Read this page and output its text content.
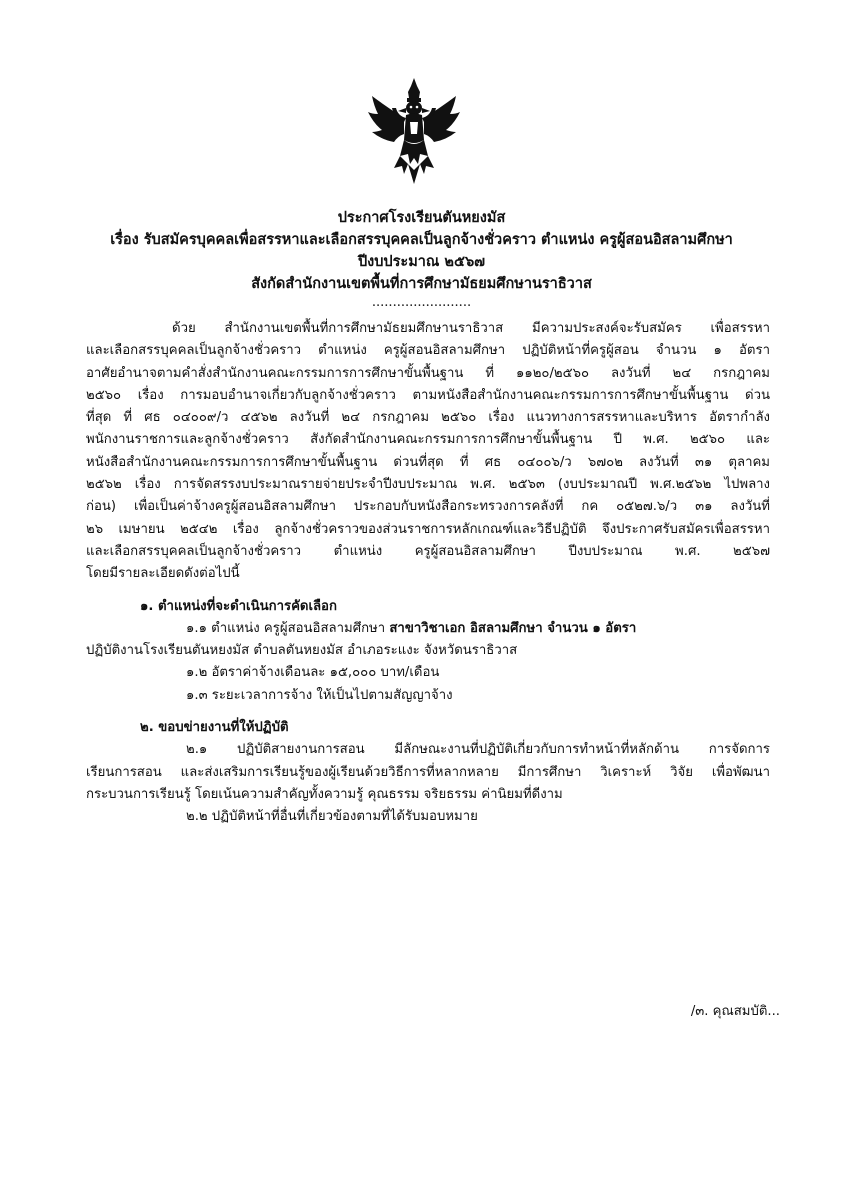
ประกาศโรงเรียนตันหยงมัส
เรื่อง รับสมัครบุคคลเพื่อสรรหาและเลือกสรรบุคคลเป็นลูกจ้างชั่วคราว ตำแหน่ง ครูผู้สอนอิสลามศึกษา
ปีงบประมาณ ๒๕๖๗
สังกัดสำนักงานเขตพื้นที่การศึกษามัธยมศึกษานราธิวาส
........................
ด้วย สำนักงานเขตพื้นที่การศึกษามัธยมศึกษานราธิวาส มีความประสงค์จะรับสมัคร เพื่อสรรหา
และเลือกสรรบุคคลเป็นลูกจ้างชั่วคราว ตำแหน่ง ครูผู้สอนอิสลามศึกษา ปฏิบัติหน้าที่ครูผู้สอน จำนวน ๑ อัตรา
อาศัยอำนาจตามคำสั่งสำนักงานคณะกรรมการการศึกษาขั้นพื้นฐาน ที่ ๑๑๒๐/๒๕๖๐ ลงวันที่ ๒๔ กรกฎาคม
๒๕๖๐ เรื่อง การมอบอำนาจเกี่ยวกับลูกจ้างชั่วคราว ตามหนังสือสำนักงานคณะกรรมการการศึกษาขั้นพื้นฐาน ด่วน
ที่สุด ที่ ศธ ๐๔๐๐๙/ว ๔๕๖๒ ลงวันที่ ๒๔ กรกฎาคม ๒๕๖๐ เรื่อง แนวทางการสรรหาและบริหาร อัตรากำลัง
พนักงานราชการและลูกจ้างชั่วคราว สังกัดสำนักงานคณะกรรมการการศึกษาขั้นพื้นฐาน ปี พ.ศ. ๒๕๖๐ และ
หนังสือสำนักงานคณะกรรมการการศึกษาขั้นพื้นฐาน ด่วนที่สุด ที่ ศธ ๐๔๐๐๖/ว ๖๗๐๒ ลงวันที่ ๓๑ ตุลาคม
๒๕๖๒ เรื่อง การจัดสรรงบประมาณรายจ่ายประจำปีงบประมาณ พ.ศ. ๒๕๖๓ (งบประมาณปี พ.ศ.๒๕๖๒ ไปพลาง
ก่อน) เพื่อเป็นค่าจ้างครูผู้สอนอิสลามศึกษา ประกอบกับหนังสือกระทรวงการคลังที่ กค ๐๕๒๗.๖/ว ๓๑ ลงวันที่
๒๖ เมษายน ๒๕๔๒ เรื่อง ลูกจ้างชั่วคราวของส่วนราชการหลักเกณฑ์และวิธีปฏิบัติ จึงประกาศรับสมัครเพื่อสรรหา
และเลือกสรรบุคคลเป็นลูกจ้างชั่วคราว ตำแหน่ง ครูผู้สอนอิสลามศึกษา ปีงบประมาณ พ.ศ. ๒๕๖๗
โดยมีรายละเอียดดังต่อไปนี้
๑. ตำแหน่งที่จะดำเนินการคัดเลือก
๑.๑ ตำแหน่ง ครูผู้สอนอิสลามศึกษา สาขาวิชาเอก อิสลามศึกษา จำนวน ๑ อัตรา
ปฏิบัติงานโรงเรียนตันหยงมัส ตำบลตันหยงมัส อำเภอระแงะ จังหวัดนราธิวาส
๑.๒ อัตราค่าจ้างเดือนละ ๑๕,๐๐๐ บาท/เดือน
๑.๓ ระยะเวลาการจ้าง ให้เป็นไปตามสัญญาจ้าง
๒. ขอบข่ายงานที่ให้ปฏิบัติ
๒.๑ ปฏิบัติสายงานการสอน มีลักษณะงานที่ปฏิบัติเกี่ยวกับการทำหน้าที่หลักด้าน การจัดการ
เรียนการสอน และส่งเสริมการเรียนรู้ของผู้เรียนด้วยวิธีการที่หลากหลาย มีการศึกษา วิเคราะห์ วิจัย เพื่อพัฒนา
กระบวนการเรียนรู้ โดยเน้นความสำคัญทั้งความรู้ คุณธรรม จริยธรรม ค่านิยมที่ดีงาม
๒.๒ ปฏิบัติหน้าที่อื่นที่เกี่ยวข้องตามที่ได้รับมอบหมาย
/๓. คุณสมบัติ...
